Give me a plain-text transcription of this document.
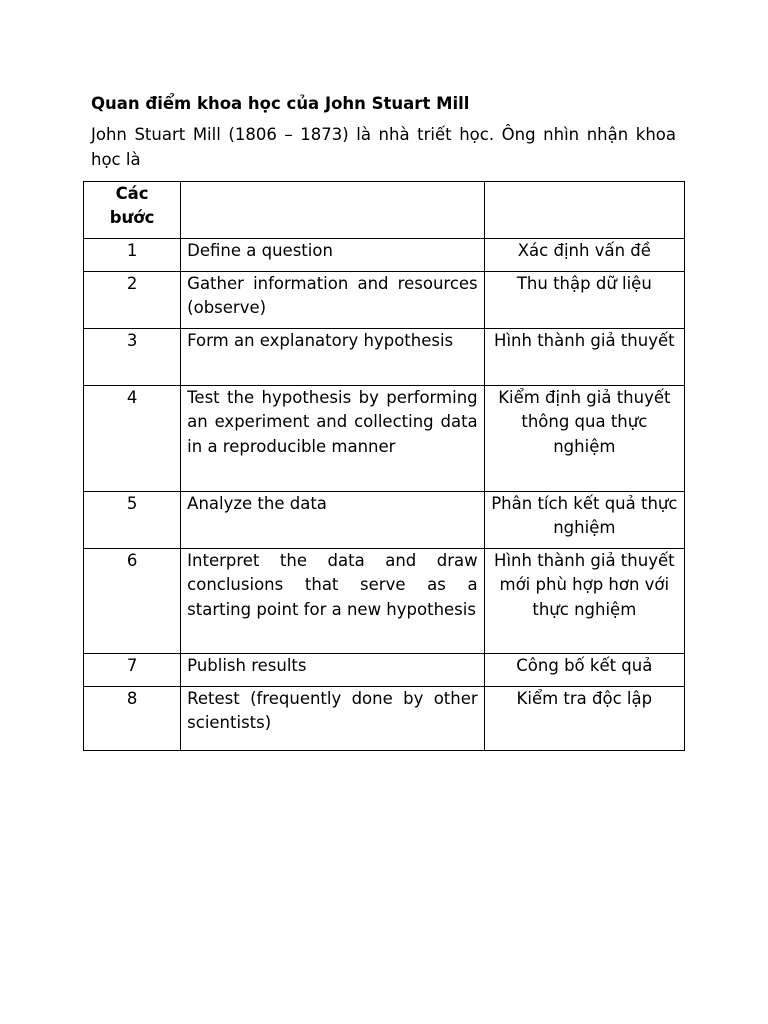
Quan điểm khoa học của John Stuart Mill

John Stuart Mill (1806 – 1873) là nhà triết học. Ông nhìn nhận khoa học là

Các bước		
1	Define a question	Xác định vấn đề
2	Gather information and resources (observe)	Thu thập dữ liệu
3	Form an explanatory hypothesis	Hình thành giả thuyết
4	Test the hypothesis by performing an experiment and collecting data in a reproducible manner	Kiểm định giả thuyết thông qua thực nghiệm
5	Analyze the data	Phân tích kết quả thực nghiệm
6	Interpret the data and draw conclusions that serve as a starting point for a new hypothesis	Hình thành giả thuyết mới phù hợp hơn với thực nghiệm
7	Publish results	Công bố kết quả
8	Retest (frequently done by other scientists)	Kiểm tra độc lập
